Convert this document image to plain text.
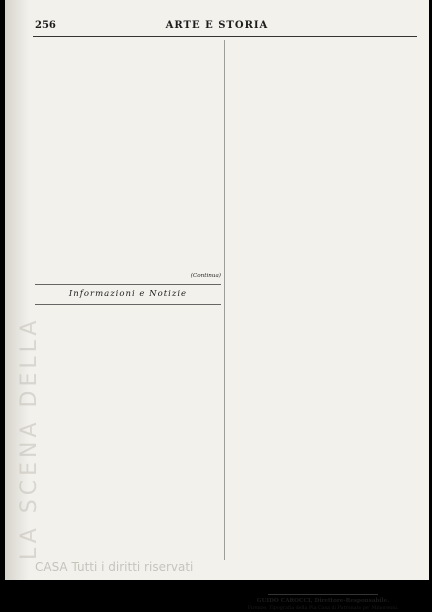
LA SCENA DELLA
256	ARTE E STORIA
(Continua)
Informazioni e Notizie
GUIDO CAROCCI, Direttore-Responsabile.
Firenze, Tipografia della Pia Casa di Patronato pe' Minorenni.
CASA Tutti i diritti riservati
